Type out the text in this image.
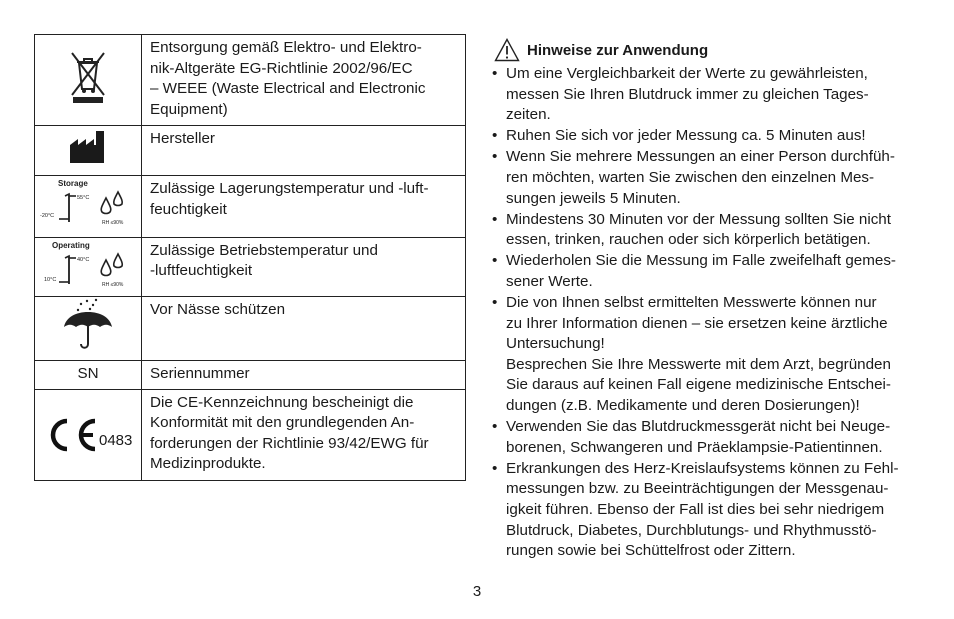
Entsorgung gemäß Elektro- und Elektro-
nik-Altgeräte EG-Richtlinie 2002/96/EC
– WEEE (Waste Electrical and Electronic
Equipment)

Hersteller

Storage
55°C
-20°C
RH ≤90%	Zulässige Lagerungstemperatur und -luft-
feuchtigkeit

Operating
40°C
10°C
RH ≤90%	Zulässige Betriebstemperatur und
-luftfeuchtigkeit

Vor Nässe schützen

SN	Seriennummer

0483	Die CE-Kennzeichnung bescheinigt die
Konformität mit den grundlegenden An-
forderungen der Richtlinie 93/42/EWG für
Medizinprodukte.
Hinweise zur Anwendung
• Um eine Vergleichbarkeit der Werte zu gewährleisten,
messen Sie Ihren Blutdruck immer zu gleichen Tages-
zeiten.
• Ruhen Sie sich vor jeder Messung ca. 5 Minuten aus!
• Wenn Sie mehrere Messungen an einer Person durchfüh-
ren möchten, warten Sie zwischen den einzelnen Mes-
sungen jeweils 5 Minuten.
• Mindestens 30 Minuten vor der Messung sollten Sie nicht
essen, trinken, rauchen oder sich körperlich betätigen.
• Wiederholen Sie die Messung im Falle zweifelhaft gemes-
sener Werte.
• Die von Ihnen selbst ermittelten Messwerte können nur
zu Ihrer Information dienen – sie ersetzen keine ärztliche
Untersuchung!
Besprechen Sie Ihre Messwerte mit dem Arzt, begründen
Sie daraus auf keinen Fall eigene medizinische Entschei-
dungen (z.B. Medikamente und deren Dosierungen)!
• Verwenden Sie das Blutdruckmessgerät nicht bei Neuge-
borenen, Schwangeren und Präeklampsie-Patientinnen.
• Erkrankungen des Herz-Kreislaufsystems können zu Fehl-
messungen bzw. zu Beeinträchtigungen der Messgenau-
igkeit führen. Ebenso der Fall ist dies bei sehr niedrigem
Blutdruck, Diabetes, Durchblutungs- und Rhythmusstö-
rungen sowie bei Schüttelfrost oder Zittern.
3
